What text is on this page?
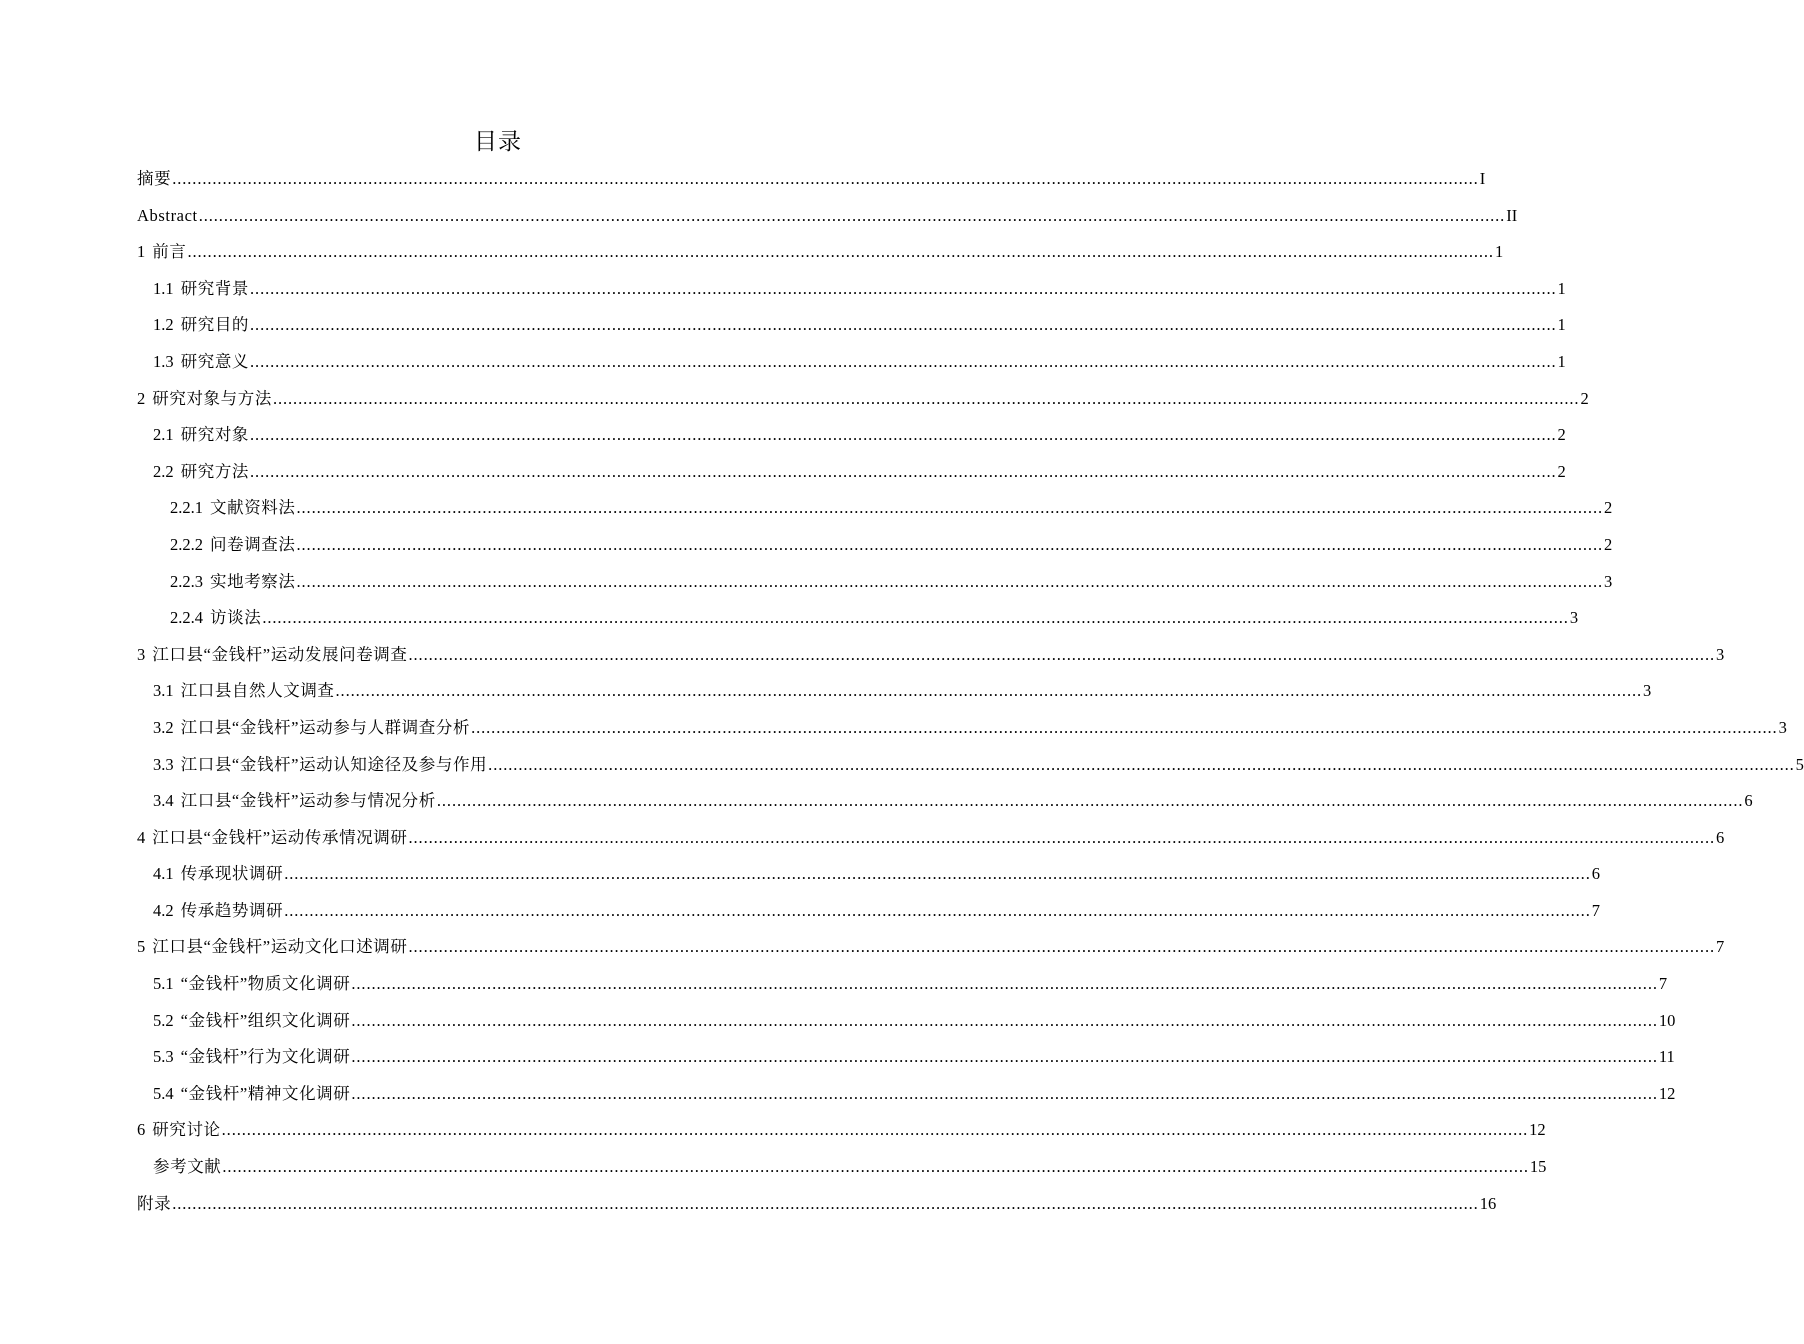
目录
摘要 .................................................................................................................................................................................................................................................................... I
Abstract .................................................................................................................................................................................................................................................................... II
1 前言 .................................................................................................................................................................................................................................................................... 1
1.1 研究背景 .................................................................................................................................................................................................................................................................... 1
1.2 研究目的 .................................................................................................................................................................................................................................................................... 1
1.3 研究意义 .................................................................................................................................................................................................................................................................... 1
2 研究对象与方法 .................................................................................................................................................................................................................................................................... 2
2.1 研究对象 .................................................................................................................................................................................................................................................................... 2
2.2 研究方法 .................................................................................................................................................................................................................................................................... 2
2.2.1 文献资料法 .................................................................................................................................................................................................................................................................... 2
2.2.2 问卷调查法 .................................................................................................................................................................................................................................................................... 2
2.2.3 实地考察法 .................................................................................................................................................................................................................................................................... 3
2.2.4 访谈法 .................................................................................................................................................................................................................................................................... 3
3 江口县“金钱杆”运动发展问卷调查 .................................................................................................................................................................................................................................................................... 3
3.1 江口县自然人文调查 .................................................................................................................................................................................................................................................................... 3
3.2 江口县“金钱杆”运动参与人群调查分析 .................................................................................................................................................................................................................................................................... 3
3.3 江口县“金钱杆”运动认知途径及参与作用 .................................................................................................................................................................................................................................................................... 5
3.4 江口县“金钱杆”运动参与情况分析 .................................................................................................................................................................................................................................................................... 6
4 江口县“金钱杆”运动传承情况调研 .................................................................................................................................................................................................................................................................... 6
4.1 传承现状调研 .................................................................................................................................................................................................................................................................... 6
4.2 传承趋势调研 .................................................................................................................................................................................................................................................................... 7
5 江口县“金钱杆”运动文化口述调研 .................................................................................................................................................................................................................................................................... 7
5.1 “金钱杆”物质文化调研 .................................................................................................................................................................................................................................................................... 7
5.2 “金钱杆”组织文化调研 .................................................................................................................................................................................................................................................................... 10
5.3 “金钱杆”行为文化调研 .................................................................................................................................................................................................................................................................... 11
5.4 “金钱杆”精神文化调研 .................................................................................................................................................................................................................................................................... 12
6 研究讨论 .................................................................................................................................................................................................................................................................... 12
参考文献 .................................................................................................................................................................................................................................................................... 15
附录 .................................................................................................................................................................................................................................................................... 16
